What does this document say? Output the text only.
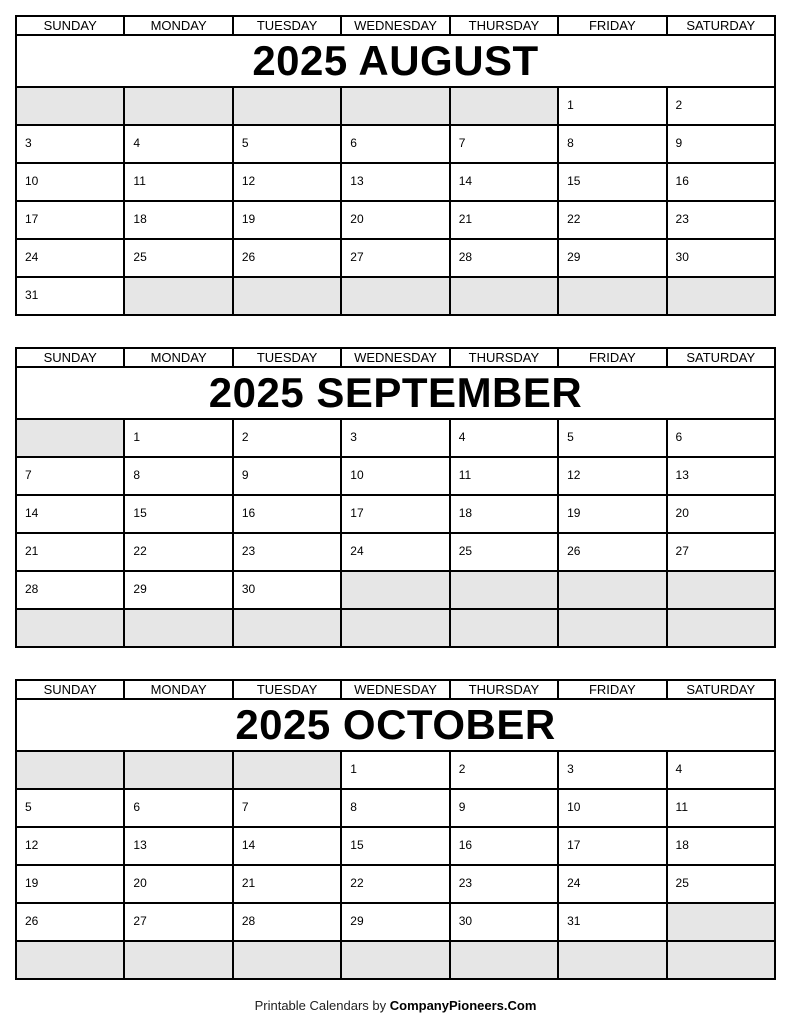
SUNDAY	MONDAY	TUESDAY	WEDNESDAY	THURSDAY	FRIDAY	SATURDAY
2025 AUGUST						

					1	2

3	4	5	6	7	8	9

10	11	12	13	14	15	16

17	18	19	20	21	22	23

24	25	26	27	28	29	30

31						

SUNDAY	MONDAY	TUESDAY	WEDNESDAY	THURSDAY	FRIDAY	SATURDAY
2025 SEPTEMBER						

	1	2	3	4	5	6

7	8	9	10	11	12	13

14	15	16	17	18	19	20

21	22	23	24	25	26	27

28	29	30				

SUNDAY	MONDAY	TUESDAY	WEDNESDAY	THURSDAY	FRIDAY	SATURDAY
2025 OCTOBER						

			1	2	3	4

5	6	7	8	9	10	11

12	13	14	15	16	17	18

19	20	21	22	23	24	25

26	27	28	29	30	31	

Printable Calendars by CompanyPioneers.Com
